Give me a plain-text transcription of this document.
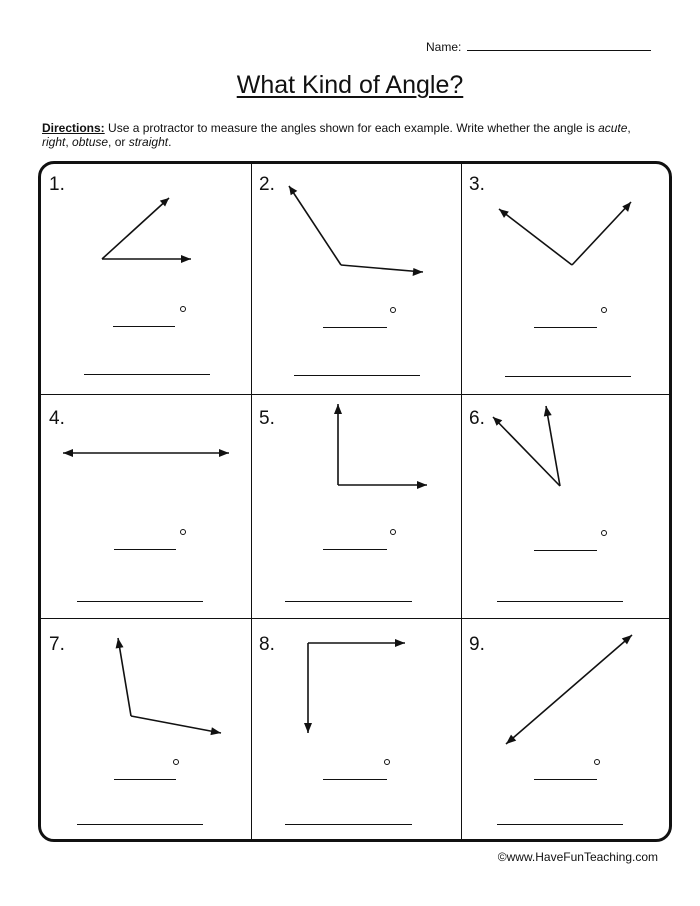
Name:
What Kind of Angle?
Directions: Use a protractor to measure the angles shown for each example. Write whether the angle is acute, right, obtuse, or straight.
1.	2.	3.
4.	5.	6.
7.	8.	9.
©www.HaveFunTeaching.com
